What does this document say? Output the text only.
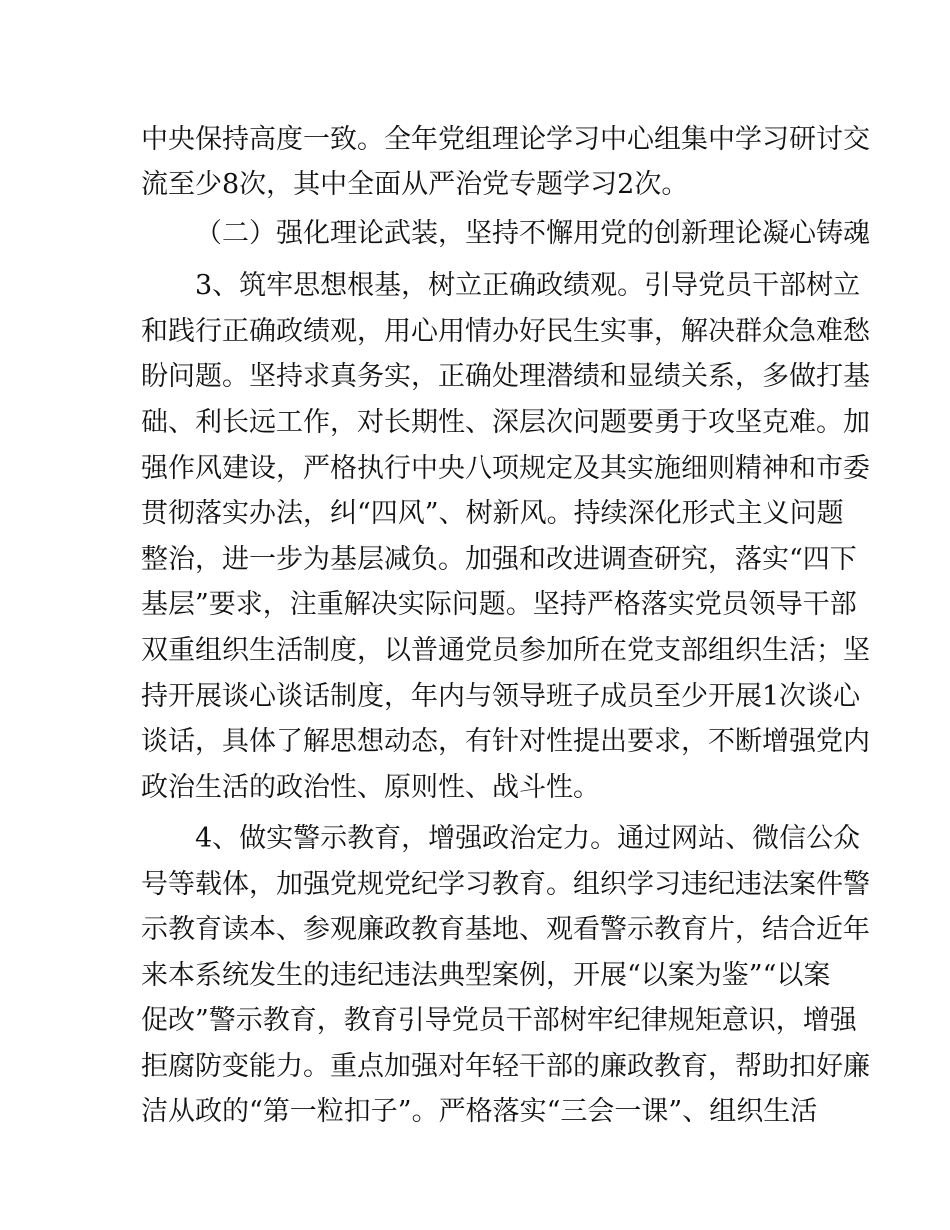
中央保持高度一致。全年党组理论学习中心组集中学习研讨交
流至少8次，其中全面从严治党专题学习2次。
（二）强化理论武装，坚持不懈用党的创新理论凝心铸魂
3、筑牢思想根基，树立正确政绩观。引导党员干部树立
和践行正确政绩观，用心用情办好民生实事，解决群众急难愁
盼问题。坚持求真务实，正确处理潜绩和显绩关系，多做打基
础、利长远工作，对长期性、深层次问题要勇于攻坚克难。加
强作风建设，严格执行中央八项规定及其实施细则精神和市委
贯彻落实办法，纠“四风”、树新风。持续深化形式主义问题
整治，进一步为基层减负。加强和改进调查研究，落实“四下
基层”要求，注重解决实际问题。坚持严格落实党员领导干部
双重组织生活制度，以普通党员参加所在党支部组织生活；坚
持开展谈心谈话制度，年内与领导班子成员至少开展1次谈心
谈话，具体了解思想动态，有针对性提出要求，不断增强党内
政治生活的政治性、原则性、战斗性。
4、做实警示教育，增强政治定力。通过网站、微信公众
号等载体，加强党规党纪学习教育。组织学习违纪违法案件警
示教育读本、参观廉政教育基地、观看警示教育片，结合近年
来本系统发生的违纪违法典型案例，开展“以案为鉴”“以案
促改”警示教育，教育引导党员干部树牢纪律规矩意识，增强
拒腐防变能力。重点加强对年轻干部的廉政教育，帮助扣好廉
洁从政的“第一粒扣子”。严格落实“三会一课”、组织生活
